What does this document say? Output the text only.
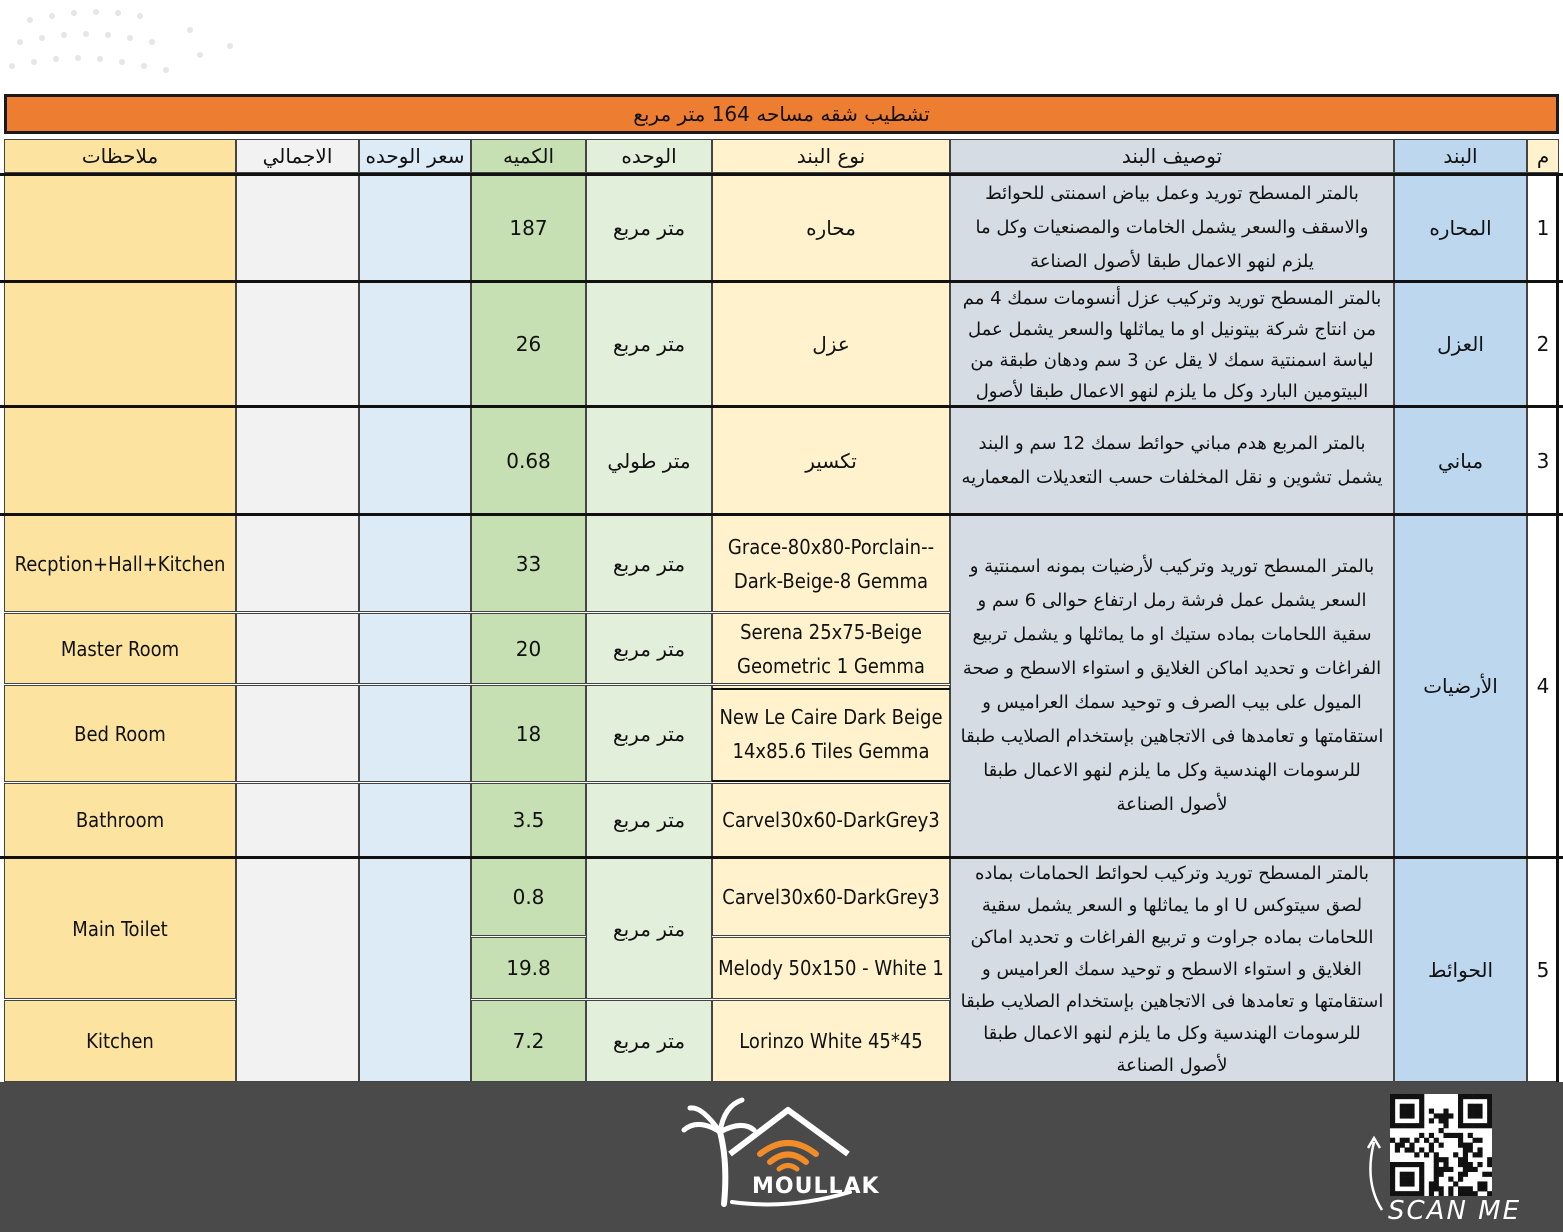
تشطيب شقه مساحه 164 متر مربع
م
البند
توصيف البند
نوع البند
الوحده
الكميه
سعر الوحده
الاجمالي
ملاحظات
1
المحاره
بالمتر المسطح توريد وعمل بياض اسمنتى للحوائط والاسقف والسعر يشمل الخامات والمصنعيات وكل ما يلزم لنهو الاعمال طبقا لأصول الصناعة
محاره
متر مربع
187
2
العزل
بالمتر المسطح توريد وتركيب عزل أنسومات سمك 4 مم من انتاج شركة بيتونيل او ما يماثلها والسعر يشمل عمل لياسة اسمنتية سمك لا يقل عن 3 سم ودهان طبقة من البيتومين البارد وكل ما يلزم لنهو الاعمال طبقا لأصول
عزل
متر مربع
26
3
مباني
بالمتر المربع هدم مباني حوائط سمك 12 سم و البند يشمل تشوين و نقل المخلفات حسب التعديلات المعماريه
تكسير
متر طولي
0.68
4
الأرضيات
بالمتر المسطح توريد وتركيب لأرضيات بمونه اسمنتية و السعر يشمل عمل فرشة رمل ارتفاع حوالى 6 سم و سقية اللحامات بماده ستيك او ما يماثلها و يشمل تربيع الفراغات و تحديد اماكن الغلايق و استواء الاسطح و صحة الميول على بيب الصرف و توحيد سمك العراميس و استقامتها و تعامدها فى الاتجاهين بإستخدام الصلايب طبقا للرسومات الهندسية وكل ما يلزم لنهو الاعمال طبقا لأصول الصناعة
Grace-80x80-Porclain--Dark-Beige-8 Gemma
متر مربع
33
Recption+Hall+Kitchen
Serena 25x75-Beige Geometric 1 Gemma
متر مربع
20
Master Room
New Le Caire Dark Beige 14x85.6 Tiles Gemma
متر مربع
18
Bed Room
Carvel30x60-DarkGrey3
متر مربع
3.5
Bathroom
5
الحوائط
بالمتر المسطح توريد وتركيب لحوائط الحمامات بماده لصق سيتوكس U او ما يماثلها و السعر يشمل سقية اللحامات بماده جراوت و تربيع الفراغات و تحديد اماكن الغلايق و استواء الاسطح و توحيد سمك العراميس و استقامتها و تعامدها فى الاتجاهين بإستخدام الصلايب طبقا للرسومات الهندسية وكل ما يلزم لنهو الاعمال طبقا لأصول الصناعة
Carvel30x60-DarkGrey3
0.8
Melody 50x150 - White 1
19.8
Lorinzo White 45*45
7.2
متر مربع
متر مربع
Main Toilet
Kitchen
MOULLAK
SCAN ME
